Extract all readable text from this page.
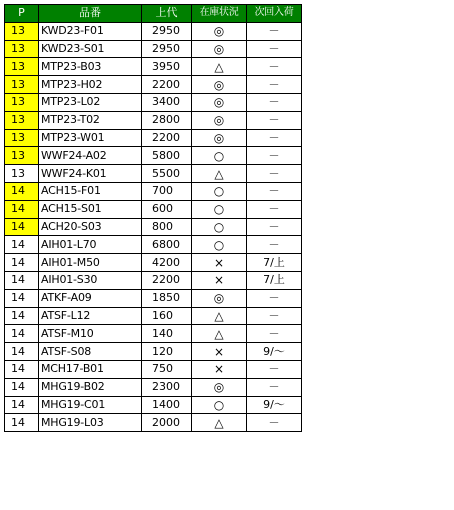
P	品番	上代	在庫状況	次回入荷
13	KWD23-F01	2950	◎	－
13	KWD23-S01	2950	◎	－
13	MTP23-B03	3950	△	－
13	MTP23-H02	2200	◎	－
13	MTP23-L02	3400	◎	－
13	MTP23-T02	2800	◎	－
13	MTP23-W01	2200	◎	－
13	WWF24-A02	5800	○	－
13	WWF24-K01	5500	△	－
14	ACH15-F01	700	○	－
14	ACH15-S01	600	○	－
14	ACH20-S03	800	○	－
14	AIH01-L70	6800	○	－
14	AIH01-M50	4200	×	7/上
14	AIH01-S30	2200	×	7/上
14	ATKF-A09	1850	◎	－
14	ATSF-L12	160	△	－
14	ATSF-M10	140	△	－
14	ATSF-S08	120	×	9/～
14	MCH17-B01	750	×	－
14	MHG19-B02	2300	◎	－
14	MHG19-C01	1400	○	9/～
14	MHG19-L03	2000	△	－
